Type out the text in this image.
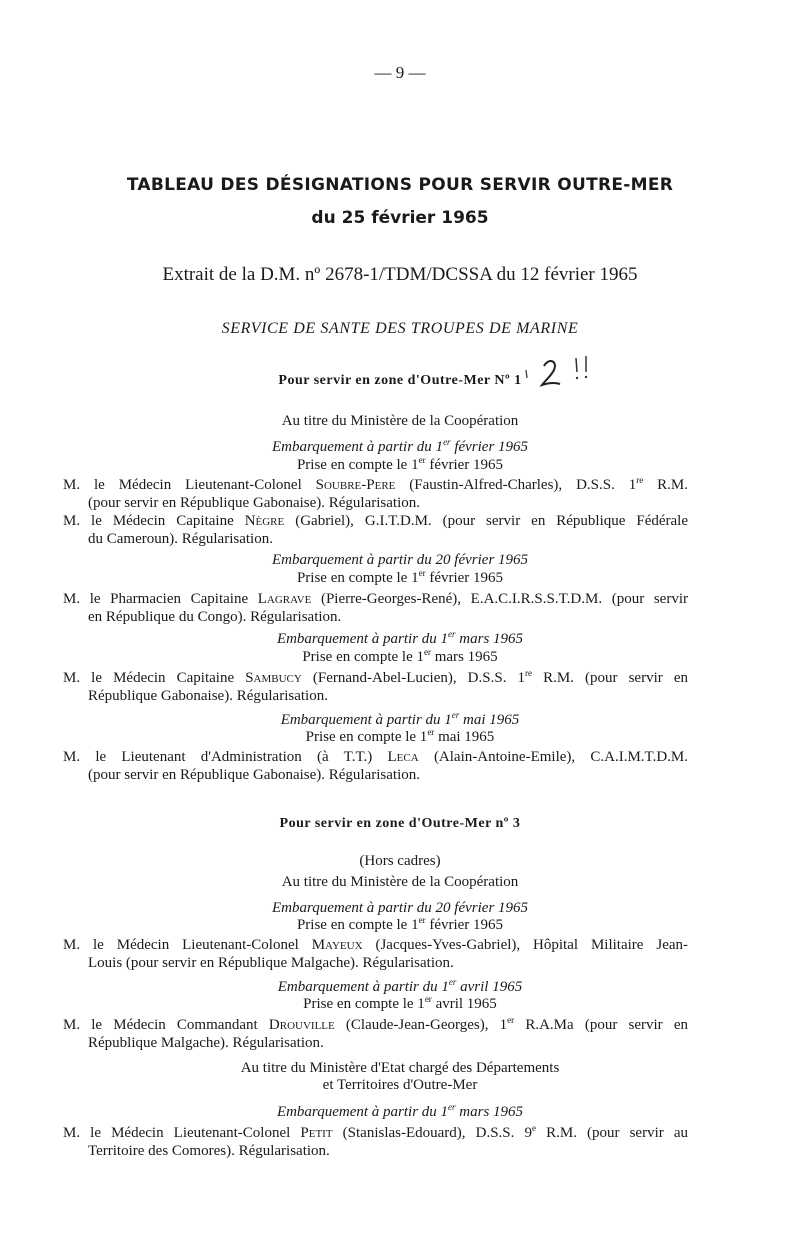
— 9 —
TABLEAU DES DÉSIGNATIONS POUR SERVIR OUTRE-MER
du 25 février 1965
Extrait de la D.M. nº 2678-1/TDM/DCSSA du 12 février 1965
SERVICE DE SANTE DES TROUPES DE MARINE
Pour servir en zone d'Outre-Mer Nº 1
Au titre du Ministère de la Coopération
Embarquement à partir du 1er février 1965
Prise en compte le 1er février 1965
M. le Médecin Lieutenant-Colonel Soubre-Pere (Faustin-Alfred-Charles), D.S.S. 1re R.M.
(pour servir en République Gabonaise). Régularisation.
M. le Médecin Capitaine Nègre (Gabriel), G.I.T.D.M. (pour servir en République Fédérale
du Cameroun). Régularisation.
Embarquement à partir du 20 février 1965
Prise en compte le 1er février 1965
M. le Pharmacien Capitaine Lagrave (Pierre-Georges-René), E.A.C.I.R.S.S.T.D.M. (pour servir
en République du Congo). Régularisation.
Embarquement à partir du 1er mars 1965
Prise en compte le 1er mars 1965
M. le Médecin Capitaine Sambucy (Fernand-Abel-Lucien), D.S.S. 1re R.M. (pour servir en
République Gabonaise). Régularisation.
Embarquement à partir du 1er mai 1965
Prise en compte le 1er mai 1965
M. le Lieutenant d'Administration (à T.T.) Leca (Alain-Antoine-Emile), C.A.I.M.T.D.M.
(pour servir en République Gabonaise). Régularisation.
Pour servir en zone d'Outre-Mer nº 3
(Hors cadres)
Au titre du Ministère de la Coopération
Embarquement à partir du 20 février 1965
Prise en compte le 1er février 1965
M. le Médecin Lieutenant-Colonel Mayeux (Jacques-Yves-Gabriel), Hôpital Militaire Jean-
Louis (pour servir en République Malgache). Régularisation.
Embarquement à partir du 1er avril 1965
Prise en compte le 1er avril 1965
M. le Médecin Commandant Drouville (Claude-Jean-Georges), 1er R.A.Ma (pour servir en
République Malgache). Régularisation.
Au titre du Ministère d'Etat chargé des Départements
et Territoires d'Outre-Mer
Embarquement à partir du 1er mars 1965
M. le Médecin Lieutenant-Colonel Petit (Stanislas-Edouard), D.S.S. 9e R.M. (pour servir au
Territoire des Comores). Régularisation.
